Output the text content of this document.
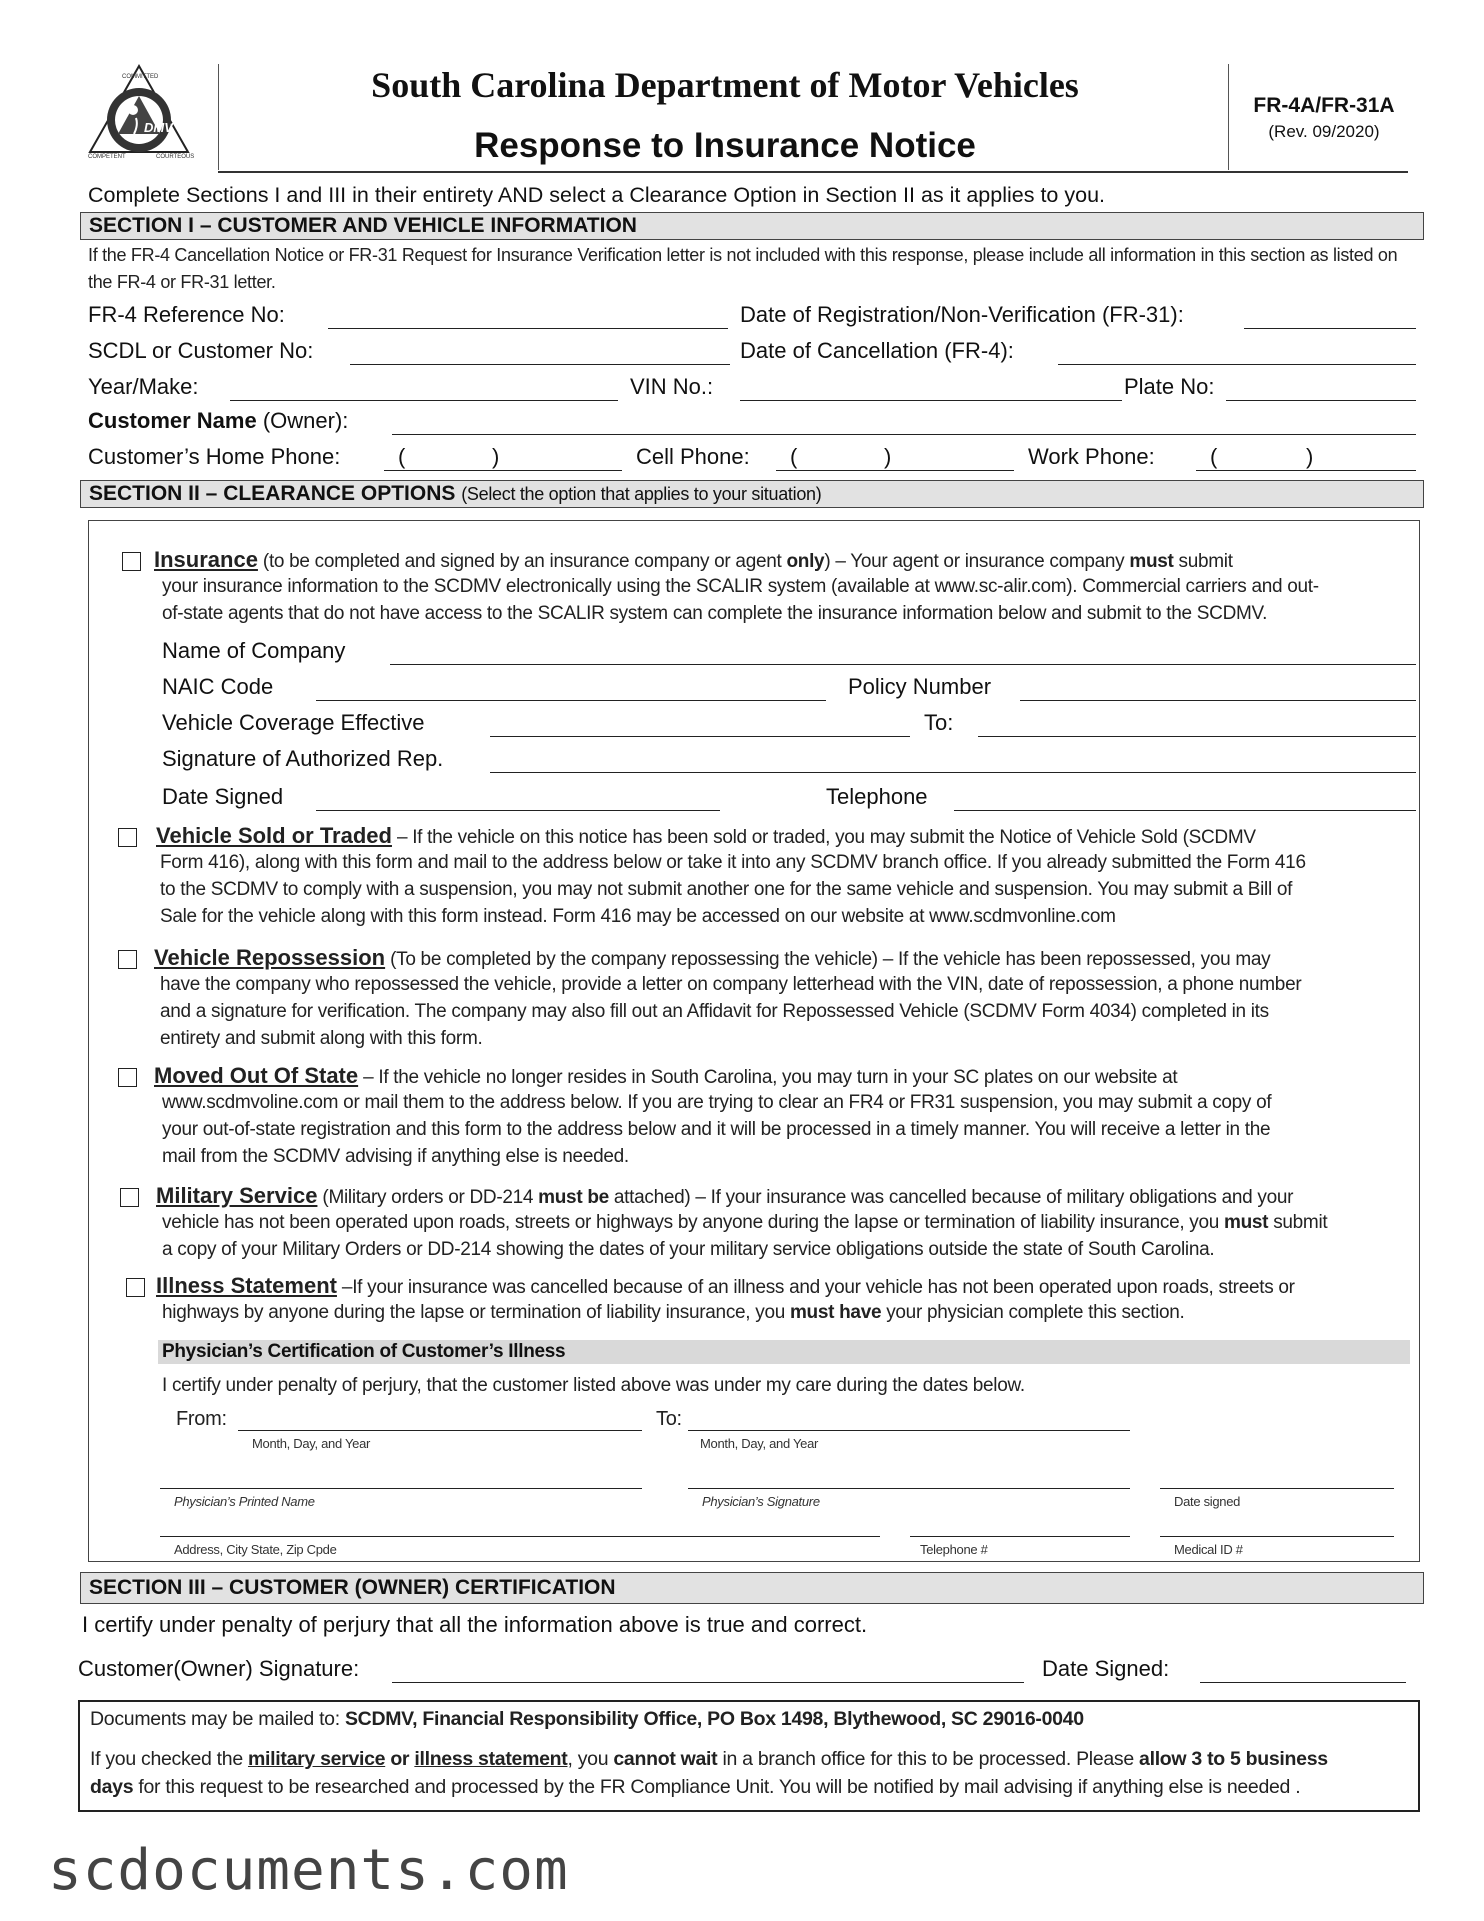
COMMITTED
COMPETENT	COURTEOUS
DMV
South Carolina Department of Motor Vehicles
Response to Insurance Notice
FR-4A/FR-31A
(Rev. 09/2020)
Complete Sections I and III in their entirety AND select a Clearance Option in Section II as it applies to you.
SECTION I – CUSTOMER AND VEHICLE INFORMATION
If the FR-4 Cancellation Notice or FR-31 Request for Insurance Verification letter is not included with this response, please include all information in this section as listed on the FR-4 or FR-31 letter.
FR-4 Reference No:	Date of Registration/Non-Verification (FR-31):
SCDL or Customer No:	Date of Cancellation (FR-4):
Year/Make:	VIN No.:	Plate No:
Customer Name (Owner):
Customer’s Home Phone:	(	)	Cell Phone: (	)	Work Phone:	(	)
SECTION II – CLEARANCE OPTIONS (Select the option that applies to your situation)
Insurance (to be completed and signed by an insurance company or agent only) – Your agent or insurance company must submit
your insurance information to the SCDMV electronically using the SCALIR system (available at www.sc-alir.com). Commercial carriers and out-
of-state agents that do not have access to the SCALIR system can complete the insurance information below and submit to the SCDMV.
Name of Company
NAIC Code	Policy Number
Vehicle Coverage Effective	To:
Signature of Authorized Rep.
Date Signed	Telephone
Vehicle Sold or Traded – If the vehicle on this notice has been sold or traded, you may submit the Notice of Vehicle Sold (SCDMV
Form 416), along with this form and mail to the address below or take it into any SCDMV branch office. If you already submitted the Form 416
to the SCDMV to comply with a suspension, you may not submit another one for the same vehicle and suspension. You may submit a Bill of
Sale for the vehicle along with this form instead. Form 416 may be accessed on our website at www.scdmvonline.com
Vehicle Repossession (To be completed by the company repossessing the vehicle) – If the vehicle has been repossessed, you may
have the company who repossessed the vehicle, provide a letter on company letterhead with the VIN, date of repossession, a phone number
and a signature for verification. The company may also fill out an Affidavit for Repossessed Vehicle (SCDMV Form 4034) completed in its
entirety and submit along with this form.
Moved Out Of State – If the vehicle no longer resides in South Carolina, you may turn in your SC plates on our website at
www.scdmvoline.com or mail them to the address below. If you are trying to clear an FR4 or FR31 suspension, you may submit a copy of
your out-of-state registration and this form to the address below and it will be processed in a timely manner. You will receive a letter in the
mail from the SCDMV advising if anything else is needed.
Military Service (Military orders or DD-214 must be attached) – If your insurance was cancelled because of military obligations and your
vehicle has not been operated upon roads, streets or highways by anyone during the lapse or termination of liability insurance, you must submit
a copy of your Military Orders or DD-214 showing the dates of your military service obligations outside the state of South Carolina.
Illness Statement –If your insurance was cancelled because of an illness and your vehicle has not been operated upon roads, streets or
highways by anyone during the lapse or termination of liability insurance, you must have your physician complete this section.
Physician’s Certification of Customer’s Illness
I certify under penalty of perjury, that the customer listed above was under my care during the dates below.
From:	To:
Month, Day, and Year	Month, Day, and Year
Physician’s Printed Name	Physician’s Signature	Date signed
Address, City State, Zip Cpde	Telephone #	Medical ID #
SECTION III – CUSTOMER (OWNER) CERTIFICATION
I certify under penalty of perjury that all the information above is true and correct.
Customer(Owner) Signature:	Date Signed:
Documents may be mailed to: SCDMV, Financial Responsibility Office, PO Box 1498, Blythewood, SC 29016-0040
If you checked the military service or illness statement, you cannot wait in a branch office for this to be processed. Please allow 3 to 5 business
days for this request to be researched and processed by the FR Compliance Unit. You will be notified by mail advising if anything else is needed .
scdocuments.com
